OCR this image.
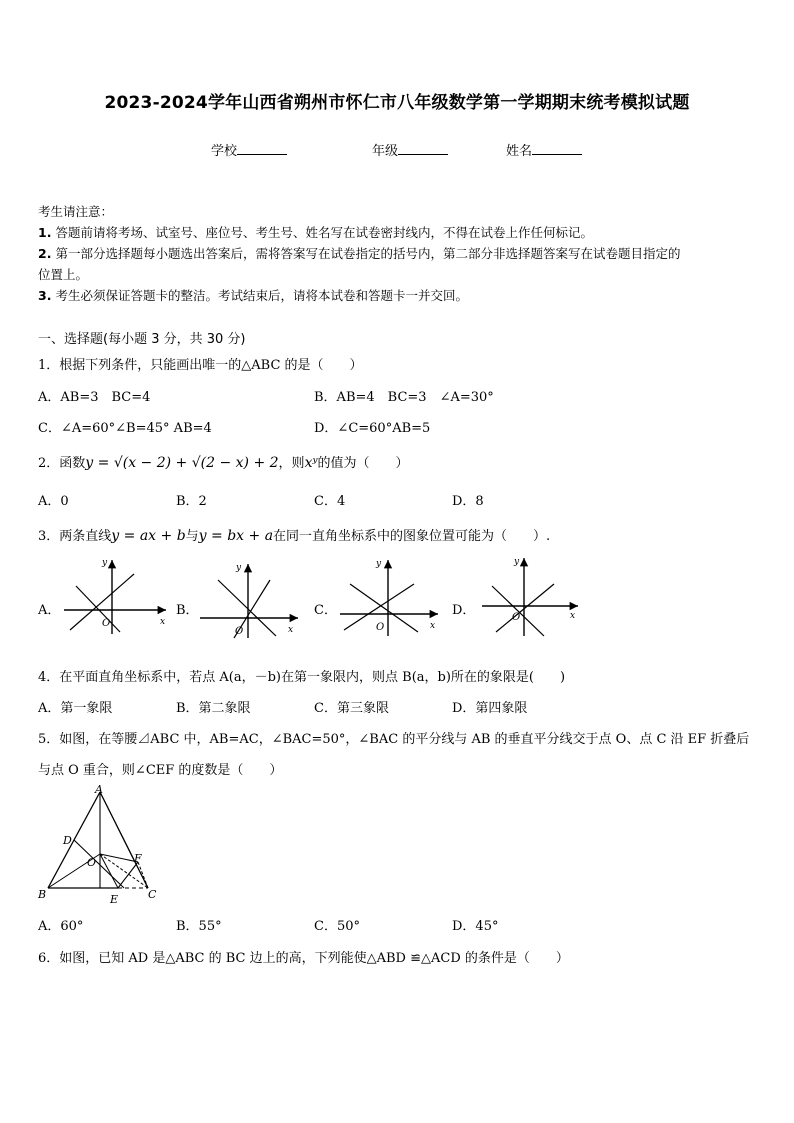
2023-2024学年山西省朔州市怀仁市八年级数学第一学期期末统考模拟试题
学校	年级	姓名
考生请注意：
1. 答题前请将考场、试室号、座位号、考生号、姓名写在试卷密封线内，不得在试卷上作任何标记。
2. 第一部分选择题每小题选出答案后，需将答案写在试卷指定的括号内，第二部分非选择题答案写在试卷题目指定的
位置上。
3. 考生必须保证答题卡的整洁。考试结束后，请将本试卷和答题卡一并交回。
一、选择题(每小题 3 分，共 30 分)
1．根据下列条件，只能画出唯一的△ABC 的是（　　）
A．AB=3　BC=4	B．AB=4　BC=3　∠A=30°
C．∠A=60°∠B=45° AB=4	D．∠C=60°AB=5
2．函数y = √(x − 2) + √(2 − x) + 2，则xʸ的值为（　　）
A．0	B．2	C．4	D．8
3．两条直线y = ax + b与y = bx + a在同一直角坐标系中的图象位置可能为（　　）.
A．	B．	C．	D．
y
x
O
y
x
O
y
x
O
y
x
O
4．在平面直角坐标系中，若点 A(a，－b)在第一象限内，则点 B(a，b)所在的象限是(　　)
A．第一象限	B．第二象限	C．第三象限	D．第四象限
5．如图，在等腰⊿ABC 中，AB=AC，∠BAC=50°，∠BAC 的平分线与 AB 的垂直平分线交于点 O、点 C 沿 EF 折叠后
与点 O 重合，则∠CEF 的度数是（　　）
A
B	C
D
E
F
O
A．60°	B．55°	C．50°	D．45°
6．如图，已知 AD 是△ABC 的 BC 边上的高，下列能使△ABD ≌△ACD 的条件是（　　）
